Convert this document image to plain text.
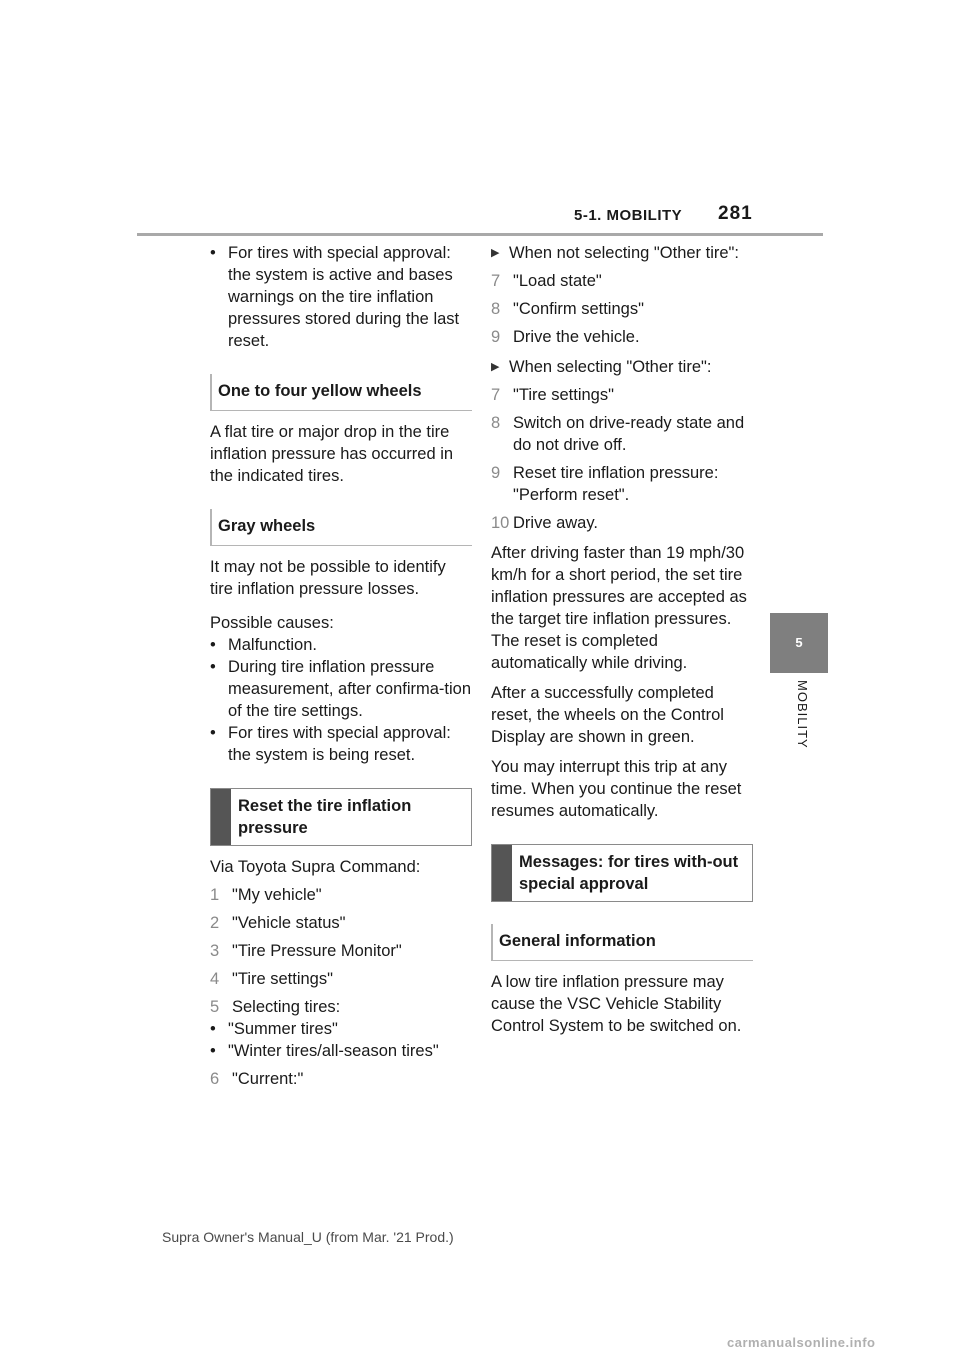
5-1. MOBILITY 281
5
MOBILITY
• For tires with special approval: the system is active and bases warnings on the tire inflation pressures stored during the last reset.
One to four yellow wheels

A flat tire or major drop in the tire inflation pressure has occurred in the indicated tires.

Gray wheels

It may not be possible to identify tire inflation pressure losses.

Possible causes:

• Malfunction.
• During tire inflation pressure measurement, after confirma-tion of the tire settings.
• For tires with special approval: the system is being reset.
Reset the tire inflation pressure

Via Toyota Supra Command:

1 "My vehicle"
2 "Vehicle status"
3 "Tire Pressure Monitor"
4 "Tire settings"
5 Selecting tires:
• "Summer tires"
• "Winter tires/all-season tires"
6 "Current:"
▶ When not selecting "Other tire":
7 "Load state"
8 "Confirm settings"
9 Drive the vehicle.
▶ When selecting "Other tire":
7 "Tire settings"
8 Switch on drive-ready state and do not drive off.
9 Reset tire inflation pressure: "Perform reset".
10 Drive away.

After driving faster than 19 mph/30 km/h for a short period, the set tire inflation pressures are accepted as the target tire inflation pressures. The reset is completed automatically while driving.

After a successfully completed reset, the wheels on the Control Display are shown in green.

You may interrupt this trip at any time. When you continue the reset resumes automatically.

Messages: for tires with-out special approval
General information

A low tire inflation pressure may cause the VSC Vehicle Stability Control System to be switched on.

Supra Owner's Manual_U (from Mar. '21 Prod.)
carmanualsonline.info
